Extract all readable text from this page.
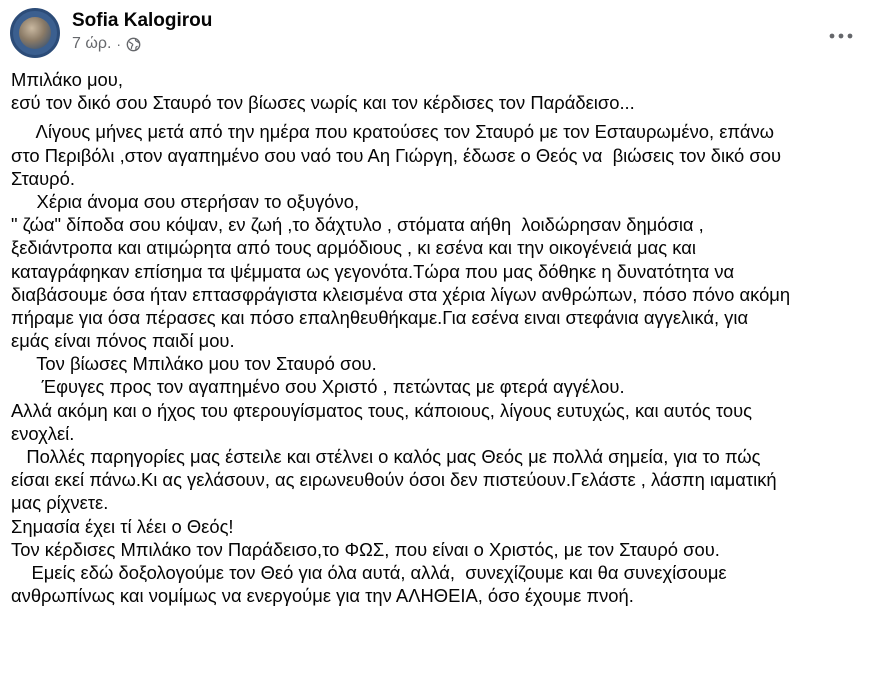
Sofia Kalogirou
7 ώρ. ·
Μπιλάκο μου,
εσύ τον δικό σου Σταυρό τον βίωσες νωρίς και τον κέρδισες τον Παράδεισο...
Λίγους μήνες μετά από την ημέρα που κρατούσες τον Σταυρό με τον Εσταυρωμένο, επάνω
στο Περιβόλι ,στον αγαπημένο σου ναό του Αη Γιώργη, έδωσε ο Θεός να  βιώσεις τον δικό σου
Σταυρό.
Χέρια άνομα σου στερήσαν το οξυγόνο,
" ζώα" δίποδα σου κόψαν, εν ζωή ,το δάχτυλο , στόματα αήθη  λοιδώρησαν δημόσια ,
ξεδιάντροπα και ατιμώρητα από τους αρμόδιους , κι εσένα και την οικογένειά μας και
καταγράφηκαν επίσημα τα ψέμματα ως γεγονότα.Τώρα που μας δόθηκε η δυνατότητα να
διαβάσουμε όσα ήταν επτασφράγιστα κλεισμένα στα χέρια λίγων ανθρώπων, πόσο πόνο ακόμη
πήραμε για όσα πέρασες και πόσο επαληθευθήκαμε.Για εσένα ειναι στεφάνια αγγελικά, για
εμάς είναι πόνος παιδί μου.
Τον βίωσες Μπιλάκο μου τον Σταυρό σου.
Έφυγες προς τον αγαπημένο σου Χριστό , πετώντας με φτερά αγγέλου.
Αλλά ακόμη και ο ήχος του φτερουγίσματος τους, κάποιους, λίγους ευτυχώς, και αυτός τους
ενοχλεί.
Πολλές παρηγορίες μας έστειλε και στέλνει ο καλός μας Θεός με πολλά σημεία, για το πώς
είσαι εκεί πάνω.Κι ας γελάσουν, ας ειρωνευθούν όσοι δεν πιστεύουν.Γελάστε , λάσπη ιαματική
μας ρίχνετε.
Σημασία έχει τί λέει ο Θεός!
Τον κέρδισες Μπιλάκο τον Παράδεισο,το ΦΩΣ, που είναι ο Χριστός, με τον Σταυρό σου.
Εμείς εδώ δοξολογούμε τον Θεό για όλα αυτά, αλλά,  συνεχίζουμε και θα συνεχίσουμε
ανθρωπίνως και νομίμως να ενεργούμε για την ΑΛΗΘΕΙΑ, όσο έχουμε πνοή.
